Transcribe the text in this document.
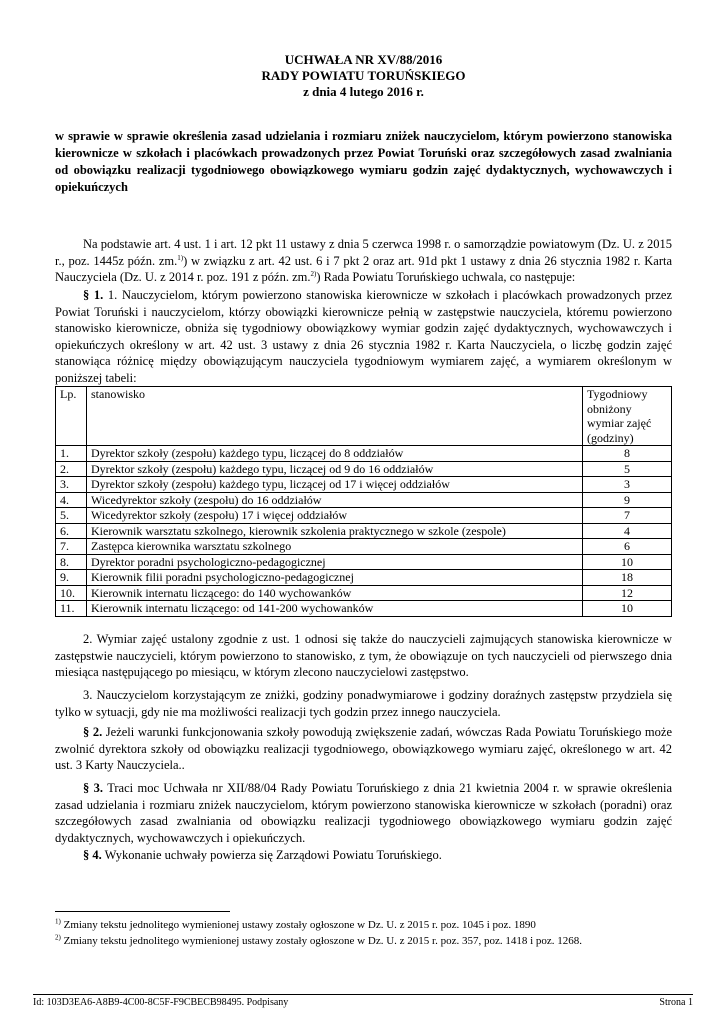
UCHWAŁA NR XV/88/2016
RADY POWIATU TORUŃSKIEGO
z dnia 4 lutego 2016 r.
w sprawie w sprawie określenia zasad udzielania i rozmiaru zniżek nauczycielom, którym powierzono stanowiska kierownicze w szkołach i placówkach prowadzonych przez Powiat Toruński oraz szczegółowych zasad zwalniania od obowiązku realizacji tygodniowego obowiązkowego wymiaru godzin zajęć dydaktycznych, wychowawczych i opiekuńczych

Na podstawie art. 4 ust. 1 i art. 12 pkt 11 ustawy z dnia 5 czerwca 1998 r. o samorządzie powiatowym (Dz. U. z 2015 r., poz. 1445z późn. zm.$^{1)}$) w związku z art. 42 ust. 6 i 7 pkt 2 oraz art. 91d pkt 1 ustawy z dnia 26 stycznia 1982 r. Karta Nauczyciela (Dz. U. z 2014 r. poz. 191 z późn. zm.$^{2)}$) Rada Powiatu Toruńskiego uchwala, co następuje:

§ 1. 1. Nauczycielom, którym powierzono stanowiska kierownicze w szkołach i placówkach prowadzonych przez Powiat Toruński i nauczycielom, którzy obowiązki kierownicze pełnią w zastępstwie nauczyciela, któremu powierzono stanowisko kierownicze, obniża się tygodniowy obowiązkowy wymiar godzin zajęć dydaktycznych, wychowawczych i opiekuńczych określony w art. 42 ust. 3 ustawy z dnia 26 stycznia 1982 r. Karta Nauczyciela, o liczbę godzin zajęć stanowiąca różnicę między obowiązującym nauczyciela tygodniowym wymiarem zajęć, a wymiarem określonym w poniższej tabeli:

Lp.	stanowisko	Tygodniowy obniżony wymiar zajęć (godziny)
1.	Dyrektor szkoły (zespołu) każdego typu, liczącej do 8 oddziałów	8
2.	Dyrektor szkoły (zespołu) każdego typu, liczącej od 9 do 16 oddziałów	5
3.	Dyrektor szkoły (zespołu) każdego typu, liczącej od 17 i więcej oddziałów	3
4.	Wicedyrektor szkoły (zespołu) do 16 oddziałów	9
5.	Wicedyrektor szkoły (zespołu) 17 i więcej oddziałów	7
6.	Kierownik warsztatu szkolnego, kierownik szkolenia praktycznego w szkole (zespole)	4
7.	Zastępca kierownika warsztatu szkolnego	6
8.	Dyrektor poradni psychologiczno-pedagogicznej	10
9.	Kierownik filii poradni psychologiczno-pedagogicznej	18
10.	Kierownik internatu liczącego: do 140 wychowanków	12
11.	Kierownik internatu liczącego: od 141-200 wychowanków	10

2. Wymiar zajęć ustalony zgodnie z ust. 1 odnosi się także do nauczycieli zajmujących stanowiska kierownicze w zastępstwie nauczycieli, którym powierzono to stanowisko, z tym, że obowiązuje on tych nauczycieli od pierwszego dnia miesiąca następującego po miesiącu, w którym zlecono nauczycielowi zastępstwo.

3. Nauczycielom korzystającym ze zniżki, godziny ponadwymiarowe i godziny doraźnych zastępstw przydziela się tylko w sytuacji, gdy nie ma możliwości realizacji tych godzin przez innego nauczyciela.

§ 2. Jeżeli warunki funkcjonowania szkoły powodują zwiększenie zadań, wówczas Rada Powiatu Toruńskiego może zwolnić dyrektora szkoły od obowiązku realizacji tygodniowego, obowiązkowego wymiaru zajęć, określonego w art. 42 ust. 3 Karty Nauczyciela..

§ 3. Traci moc Uchwała nr XII/88/04 Rady Powiatu Toruńskiego z dnia 21 kwietnia 2004 r. w sprawie określenia zasad udzielania i rozmiaru zniżek nauczycielom, którym powierzono stanowiska kierownicze w szkołach (poradni) oraz szczegółowych zasad zwalniania od obowiązku realizacji tygodniowego obowiązkowego wymiaru godzin zajęć dydaktycznych, wychowawczych i opiekuńczych.

§ 4. Wykonanie uchwały powierza się Zarządowi Powiatu Toruńskiego.

$^{1)}$ Zmiany tekstu jednolitego wymienionej ustawy zostały ogłoszone w Dz. U. z 2015 r. poz. 1045 i poz. 1890
$^{2)}$ Zmiany tekstu jednolitego wymienionej ustawy zostały ogłoszone w Dz. U. z 2015 r. poz. 357, poz. 1418 i poz. 1268.
Id: 103D3EA6-A8B9-4C00-8C5F-F9CBECB98495. Podpisany	Strona 1
